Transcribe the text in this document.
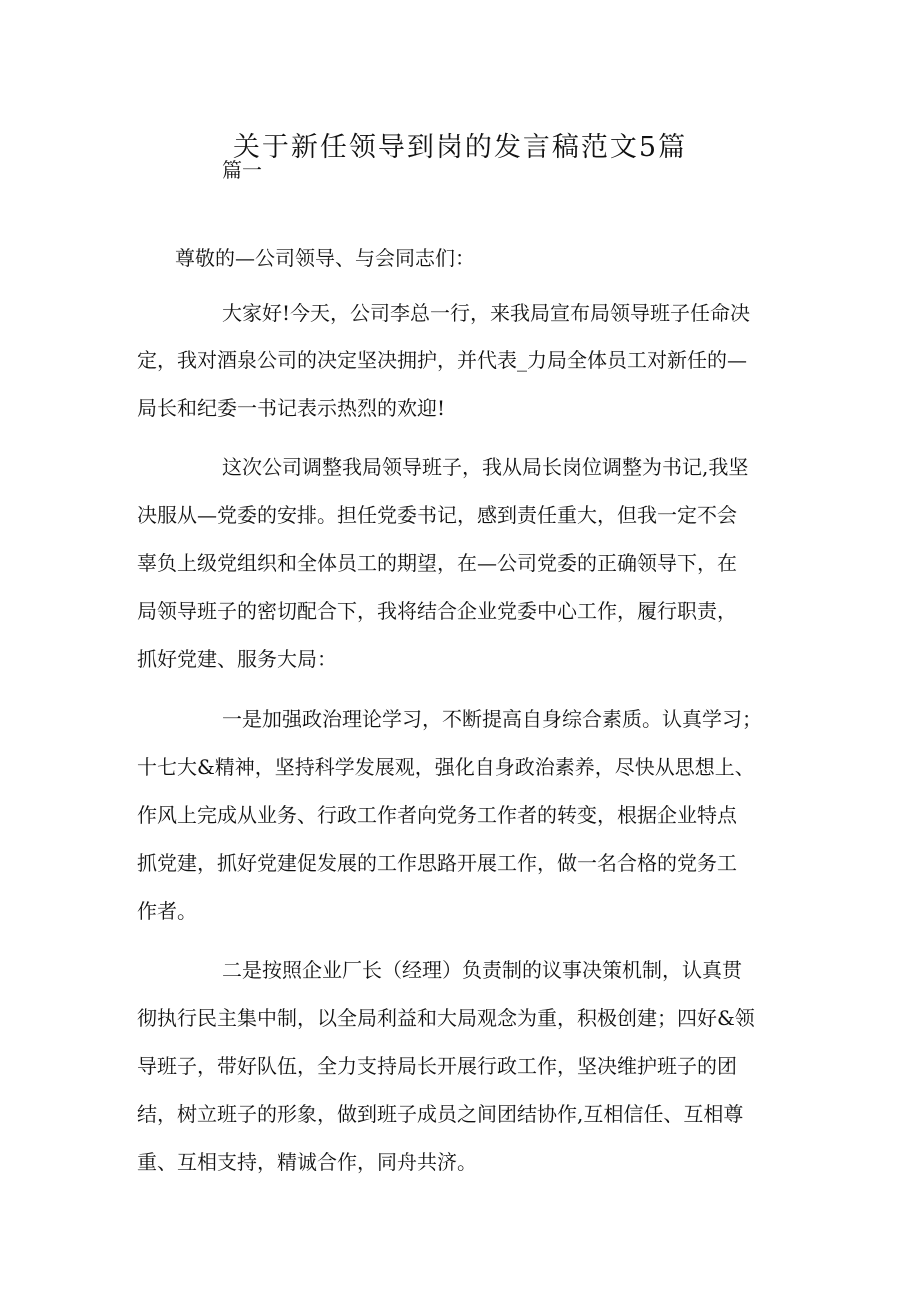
关于新任领导到岗的发言稿范文5篇
篇一
尊敬的—公司领导、与会同志们：
大家好!今天，公司李总一行，来我局宣布局领导班子任命决
定，我对酒泉公司的决定坚决拥护，并代表_力局全体员工对新任的—
局长和纪委一书记表示热烈的欢迎!
这次公司调整我局领导班子，我从局长岗位调整为书记,我坚
决服从—党委的安排。担任党委书记，感到责任重大，但我一定不会
辜负上级党组织和全体员工的期望，在—公司党委的正确领导下，在
局领导班子的密切配合下，我将结合企业党委中心工作，履行职责，
抓好党建、服务大局：
一是加强政治理论学习，不断提高自身综合素质。认真学习；
十七大&精神，坚持科学发展观，强化自身政治素养，尽快从思想上、
作风上完成从业务、行政工作者向党务工作者的转变，根据企业特点
抓党建，抓好党建促发展的工作思路开展工作，做一名合格的党务工
作者。
二是按照企业厂长（经理）负责制的议事决策机制，认真贯
彻执行民主集中制，以全局利益和大局观念为重，积极创建；四好&领
导班子，带好队伍，全力支持局长开展行政工作，坚决维护班子的团
结，树立班子的形象，做到班子成员之间团结协作,互相信任、互相尊
重、互相支持，精诚合作，同舟共济。
